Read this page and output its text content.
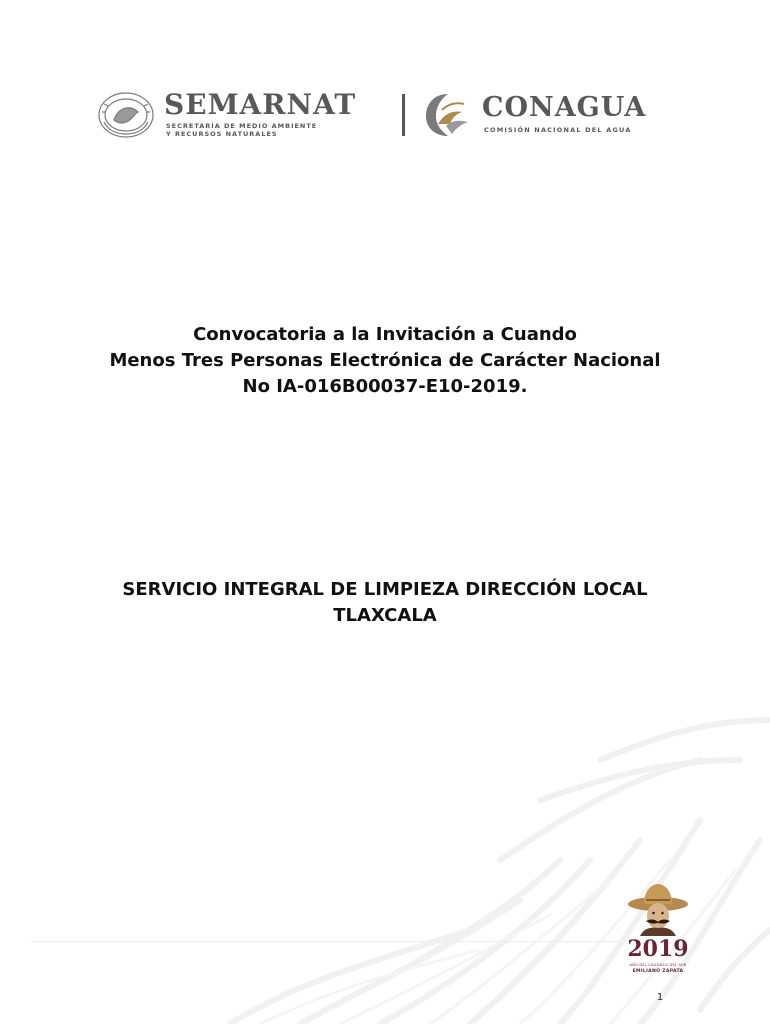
SEMARNAT
SECRETARÍA DE MEDIO AMBIENTE
Y RECURSOS NATURALES
CONAGUA
COMISIÓN NACIONAL DEL AGUA
Convocatoria a la Invitación a Cuando
Menos Tres Personas Electrónica de Carácter Nacional
No IA-016B00037-E10-2019.
SERVICIO INTEGRAL DE LIMPIEZA DIRECCIÓN LOCAL
TLAXCALA
2019
AÑO DEL CAUDILLO DEL SUR
EMILIANO ZAPATA
1
